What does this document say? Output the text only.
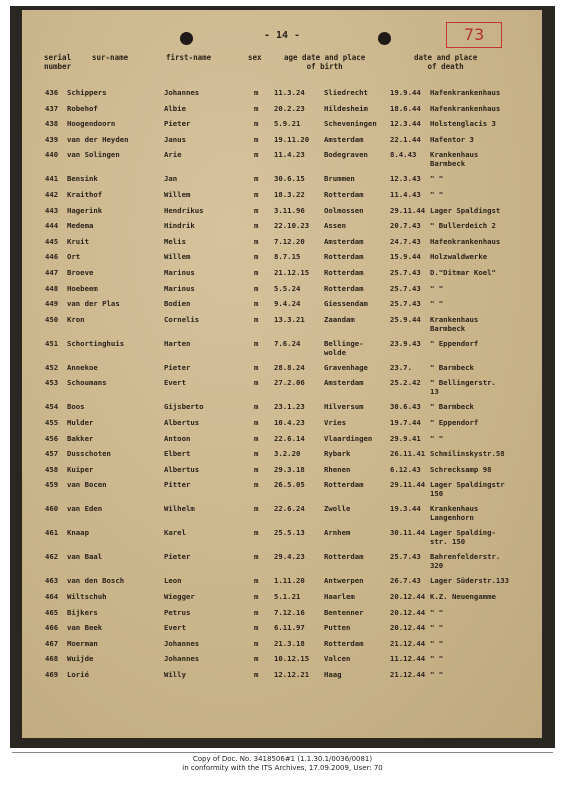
- 14 -	73
serial
number
sur-name	first-name	sex	age date and place
of birth
date and place
of death
436	Schippers	Johannes	m	11.3.24	Sliedrecht	19.9.44	Hafenkrankenhaus
437	Robehof	Albie	m	20.2.23	Hildesheim	18.6.44	Hafenkrankenhaus
438	Hoogendoorn	Pieter	m	5.9.21	Scheveningen	12.3.44	Holstenglacis 3
439	van der Heyden	Janus	m	19.11.20	Amsterdam	22.1.44	Hafentor 3
440	van Solingen	Arie	m	11.4.23	Bodegraven	8.4.43	Krankenhaus
Barmbeck
441	Bensink	Jan	m	30.6.15	Brummen	12.3.43	" "
442	Kraithof	Willem	m	18.3.22	Rotterdam	11.4.43	" "
443	Hagerink	Hendrikus	m	3.11.96	Oolmossen	29.11.44 Lager Spaldingst
444	Medema	Hindrik	m	22.10.23	Assen	20.7.43	" Bullerdeich 2
445	Kruit	Melis	m	7.12.20	Amsterdam	24.7.43	Hafenkrankenhaus
446	Ort	Willem	m	8.7.15	Rotterdam	15.9.44	Holzwaldwerke
447	Broeve	Marinus	m	21.12.15	Rotterdam	25.7.43	D."Ditmar Koel"
448	Hoebeem	Marinus	m	5.5.24	Rotterdam	25.7.43	" "
449	van der Plas	Bodien	m	9.4.24	Giessendam	25.7.43	" "
450	Kron	Cornelis	m	13.3.21	Zaandam	25.9.44	Krankenhaus
Barmbeck
451	Schortinghuis	Harten	m	7.6.24	Bellinge-
wolde
23.9.43	" Eppendorf
452	Annekoe	Pieter	m	28.8.24	Gravenhage	23.7.	" Barmbeck
453	Schoumans	Evert	m	27.2.06	Amsterdam	25.2.42	" Bellingerstr.
13
454	Boos	Gijsberto	m	23.1.23	Hilversum	30.6.43	" Barmbeck
455	Mulder	Albertus	m	10.4.23	Vries	19.7.44	" Eppendorf
456	Bakker	Antoon	m	22.6.14	Vlaardingen	29.9.41	" "
457	Dusschoten	Elbert	m	3.2.20	Rybark	26.11.41 Schmilinskystr.58
458	Kuiper	Albertus	m	29.3.18	Rhenen	6.12.43	Schrecksamp 98
459	van Bocen	Pitter	m	26.5.05	Rotterdam	29.11.44 Lager Spaldingstr
150
460	van Eden	Wilhelm	m	22.6.24	Zwolle	19.3.44	Krankenhaus
Langenhorn
461	Knaap	Karel	m	25.5.13	Arnhem	30.11.44 Lager Spalding-
str. 150
462	van Baal	Pieter	m	29.4.23	Rotterdam	25.7.43	Bahrenfelderstr.
320
463	van den Bosch	Leon	m	1.11.20	Antwerpen	26.7.43	Lager Süderstr.133
464	Wiltschuh	Wiegger	m	5.1.21	Haarlem	20.12.44 K.Z. Neuengamme
465	Bijkers	Petrus	m	7.12.16	Bentenner	20.12.44 " "
466	van Beek	Evert	m	6.11.97	Putten	20.12.44 " "
467	Moerman	Johannes	m	21.3.18	Rotterdam	21.12.44 " "
468	Wuijde	Johannes	m	10.12.15	Valcen	11.12.44 " "
469	Lorié	Willy	m	12.12.21	Haag	21.12.44 " "
Copy of Doc. No. 3418506#1 (1.1.30.1/0036/0081)
in conformity with the ITS Archives, 17.09.2009, User: 70
